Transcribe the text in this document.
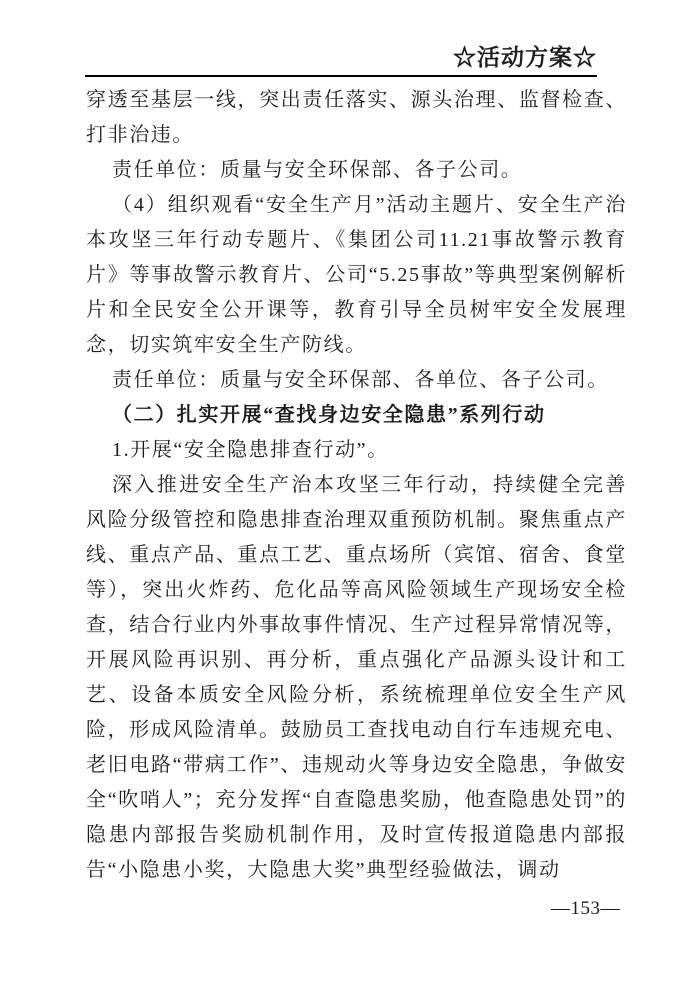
☆活动方案☆

穿透至基层一线，突出责任落实、源头治理、监督检查、打非治违。

责任单位：质量与安全环保部、各子公司。

（4）组织观看“安全生产月”活动主题片、安全生产治本攻坚三年行动专题片、《集团公司11.21事故警示教育片》等事故警示教育片、公司“5.25事故”等典型案例解析片和全民安全公开课等，教育引导全员树牢安全发展理念，切实筑牢安全生产防线。

责任单位：质量与安全环保部、各单位、各子公司。

（二）扎实开展“查找身边安全隐患”系列行动

1.开展“安全隐患排查行动”。

深入推进安全生产治本攻坚三年行动，持续健全完善风险分级管控和隐患排查治理双重预防机制。聚焦重点产线、重点产品、重点工艺、重点场所（宾馆、宿舍、食堂等），突出火炸药、危化品等高风险领域生产现场安全检查，结合行业内外事故事件情况、生产过程异常情况等，开展风险再识别、再分析，重点强化产品源头设计和工艺、设备本质安全风险分析，系统梳理单位安全生产风险，形成风险清单。鼓励员工查找电动自行车违规充电、老旧电路“带病工作”、违规动火等身边安全隐患，争做安全“吹哨人”；充分发挥“自查隐患奖励，他查隐患处罚”的隐患内部报告奖励机制作用，及时宣传报道隐患内部报告“小隐患小奖，大隐患大奖”典型经验做法，调动

—153—
